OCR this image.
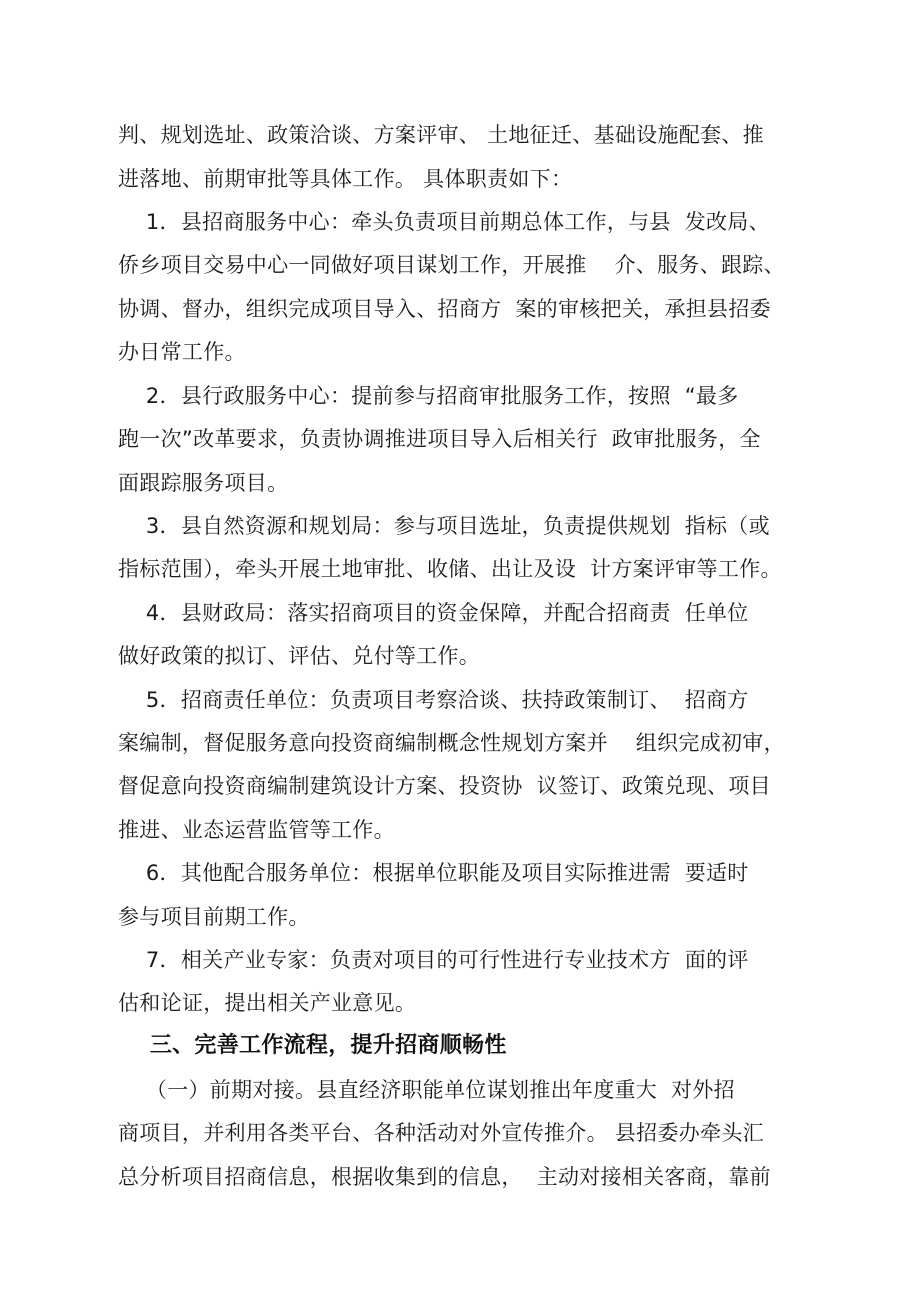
判、规划选址、政策洽谈、方案评审、 土地征迁、基础设施配套、推
进落地、前期审批等具体工作。 具体职责如下：
1．县招商服务中心：牵头负责项目前期总体工作，与县  发改局、
侨乡项目交易中心一同做好项目谋划工作，开展推    介、服务、跟踪、
协调、督办，组织完成项目导入、招商方  案的审核把关，承担县招委
办日常工作。
2．县行政服务中心：提前参与招商审批服务工作，按照  “最多
跑一次”改革要求，负责协调推进项目导入后相关行  政审批服务，全
面跟踪服务项目。
3．县自然资源和规划局：参与项目选址，负责提供规划  指标（或
指标范围），牵头开展土地审批、收储、出让及设  计方案评审等工作。
4．县财政局：落实招商项目的资金保障，并配合招商责  任单位
做好政策的拟订、评估、兑付等工作。
5．招商责任单位：负责项目考察洽谈、扶持政策制订、  招商方
案编制，督促服务意向投资商编制概念性规划方案并    组织完成初审，
督促意向投资商编制建筑设计方案、投资协  议签订、政策兑现、项目
推进、业态运营监管等工作。
6．其他配合服务单位：根据单位职能及项目实际推进需  要适时
参与项目前期工作。
7．相关产业专家：负责对项目的可行性进行专业技术方  面的评
估和论证，提出相关产业意见。
三、完善工作流程，提升招商顺畅性
（一）前期对接。县直经济职能单位谋划推出年度重大  对外招
商项目，并利用各类平台、各种活动对外宣传推介。 县招委办牵头汇
总分析项目招商信息，根据收集到的信息，  主动对接相关客商，靠前
